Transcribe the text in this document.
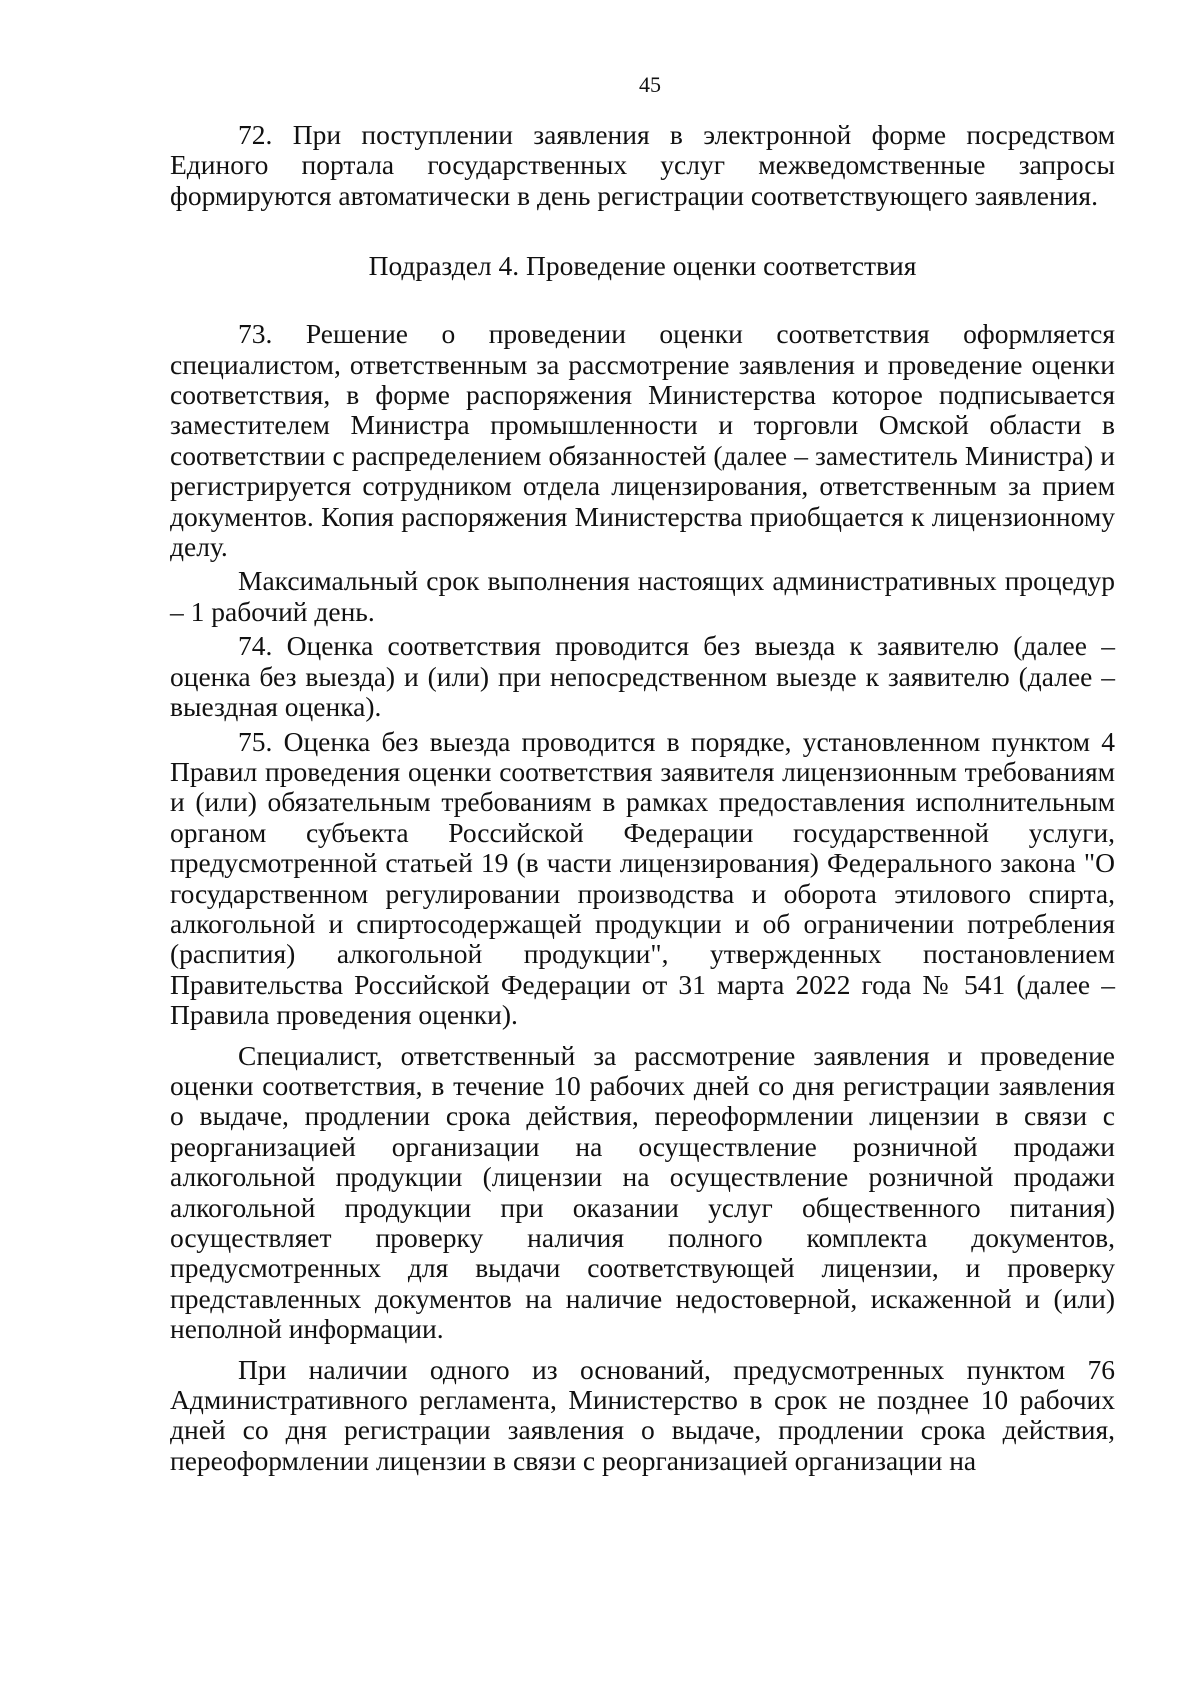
45

72. При поступлении заявления в электронной форме посредством Единого портала государственных услуг межведомственные запросы формируются автоматически в день регистрации соответствующего заявления.

Подраздел 4. Проведение оценки соответствия

73. Решение о проведении оценки соответствия оформляется специалистом, ответственным за рассмотрение заявления и проведение оценки соответствия, в форме распоряжения Министерства которое подписывается заместителем Министра промышленности и торговли Омской области в соответствии с распределением обязанностей (далее – заместитель Министра) и регистрируется сотрудником отдела лицензирования, ответственным за прием документов. Копия распоряжения Министерства приобщается к лицензионному делу.

Максимальный срок выполнения настоящих административных процедур – 1 рабочий день.

74. Оценка соответствия проводится без выезда к заявителю (далее – оценка без выезда) и (или) при непосредственном выезде к заявителю (далее – выездная оценка).

75. Оценка без выезда проводится в порядке, установленном пунктом 4 Правил проведения оценки соответствия заявителя лицензионным требованиям и (или) обязательным требованиям в рамках предоставления исполнительным органом субъекта Российской Федерации государственной услуги, предусмотренной статьей 19 (в части лицензирования) Федерального закона "О государственном регулировании производства и оборота этилового спирта, алкогольной и спиртосодержащей продукции и об ограничении потребления (распития) алкогольной продукции", утвержденных постановлением Правительства Российской Федерации от 31 марта 2022 года № 541 (далее – Правила проведения оценки).

Специалист, ответственный за рассмотрение заявления и проведение оценки соответствия, в течение 10 рабочих дней со дня регистрации заявления о выдаче, продлении срока действия, переоформлении лицензии в связи с реорганизацией организации на осуществление розничной продажи алкогольной продукции (лицензии на осуществление розничной продажи алкогольной продукции при оказании услуг общественного питания) осуществляет проверку наличия полного комплекта документов, предусмотренных для выдачи соответствующей лицензии, и проверку представленных документов на наличие недостоверной, искаженной и (или) неполной информации.

При наличии одного из оснований, предусмотренных пунктом 76 Административного регламента, Министерство в срок не позднее 10 рабочих дней со дня регистрации заявления о выдаче, продлении срока действия, переоформлении лицензии в связи с реорганизацией организации на
